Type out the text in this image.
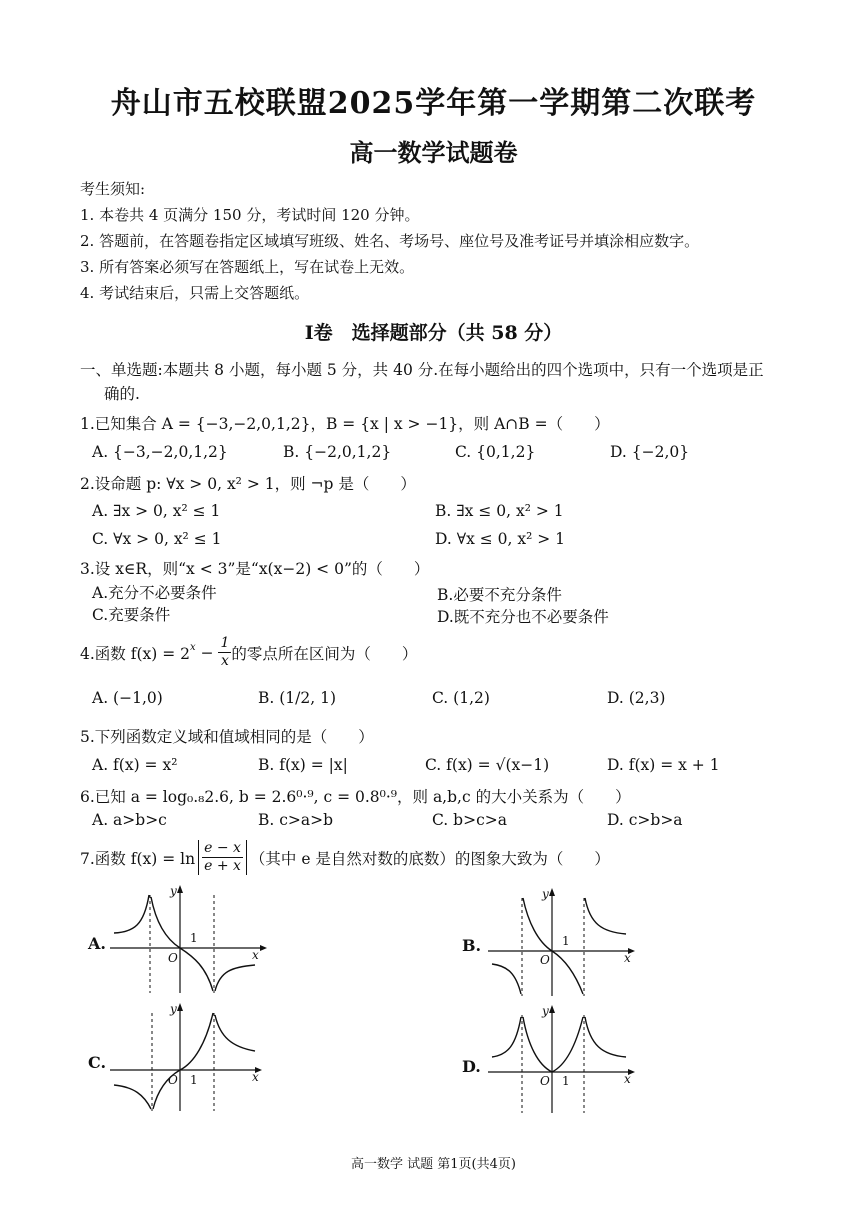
舟山市五校联盟2025学年第一学期第二次联考
高一数学试题卷
考生须知:
1. 本卷共 4 页满分 150 分，考试时间 120 分钟。
2. 答题前，在答题卷指定区域填写班级、姓名、考场号、座位号及准考证号并填涂相应数字。
3. 所有答案必须写在答题纸上，写在试卷上无效。
4. 考试结束后，只需上交答题纸。
I卷　选择题部分（共 58 分）
一、单选题:本题共 8 小题，每小题 5 分，共 40 分.在每小题给出的四个选项中，只有一个选项是正
确的.
1.已知集合 A = {−3,−2,0,1,2}，B = {x | x > −1}，则 A∩B =（　　）
A. {−3,−2,0,1,2}	B. {−2,0,1,2}	C. {0,1,2}	D. {−2,0}
2.设命题 p: ∀x > 0, x² > 1，则 ¬p 是（　　）
A. ∃x > 0, x² ≤ 1	B. ∃x ≤ 0, x² > 1
C. ∀x > 0, x² ≤ 1	D. ∀x ≤ 0, x² > 1
3.设 x∈R，则“x < 3”是“x(x−2) < 0”的（　　）
A.充分不必要条件	B.必要不充分条件
C.充要条件	D.既不充分也不必要条件
4.函数 $f(x) = 2^x - \frac{1}{x}$ 的零点所在区间为（　　）
A. (−1,0)	B. (1/2, 1)	C. (1,2)	D. (2,3)
5.下列函数定义域和值域相同的是（　　）
A. f(x) = x²	B. f(x) = |x|	C. f(x) = √(x−1)	D. f(x) = x + 1
6.已知 a = log₀.₈2.6, b = 2.6⁰·⁹, c = 0.8⁰·⁹，则 a,b,c 的大小关系为（　　）
A. a>b>c	B. c>a>b	C. b>c>a	D. c>b>a
7.函数 $f(x) = \ln \frac{e - x}{e + x}$ （其中 e 是自然对数的底数）的图象大致为（　　）
A.	B.
C.	D.
O
1
x
y
O
1
x
y
O 1	x
y
O 1	x
y
高一数学 试题 第1页(共4页)
